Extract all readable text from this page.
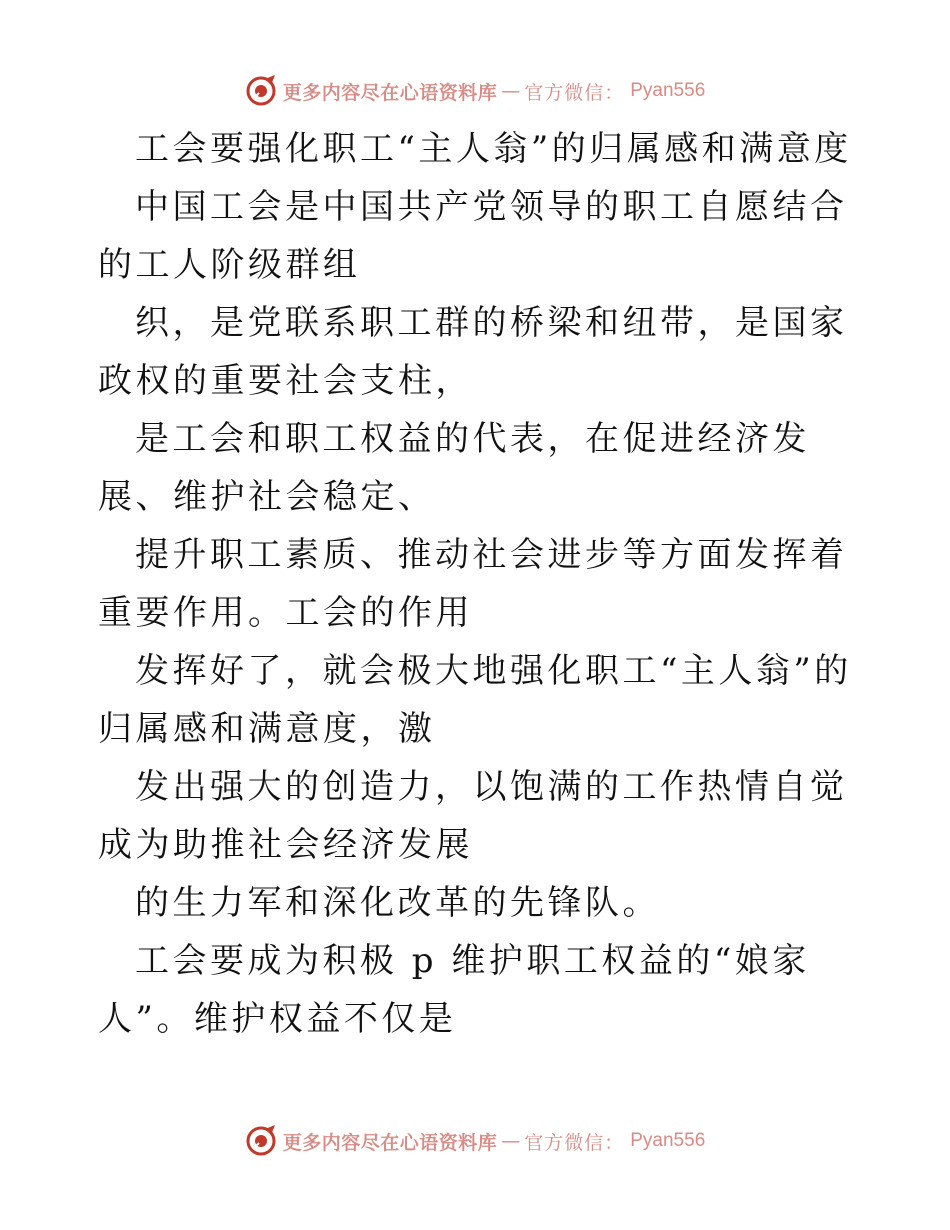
更多内容尽在心语资料库 — 官方微信： Pyan556

工会要强化职工“主人翁”的归属感和满意度

中国工会是中国共产党领导的职工自愿结合的工人阶级群组

织，是党联系职工群的桥梁和纽带，是国家政权的重要社会支柱，

是工会和职工权益的代表，在促进经济发展、维护社会稳定、

提升职工素质、推动社会进步等方面发挥着重要作用。工会的作用

发挥好了，就会极大地强化职工“主人翁”的归属感和满意度，激

发出强大的创造力，以饱满的工作热情自觉成为助推社会经济发展

的生力军和深化改革的先锋队。

工会要成为积极 p 维护职工权益的“娘家人”。维护权益不仅是

更多内容尽在心语资料库 — 官方微信： Pyan556
